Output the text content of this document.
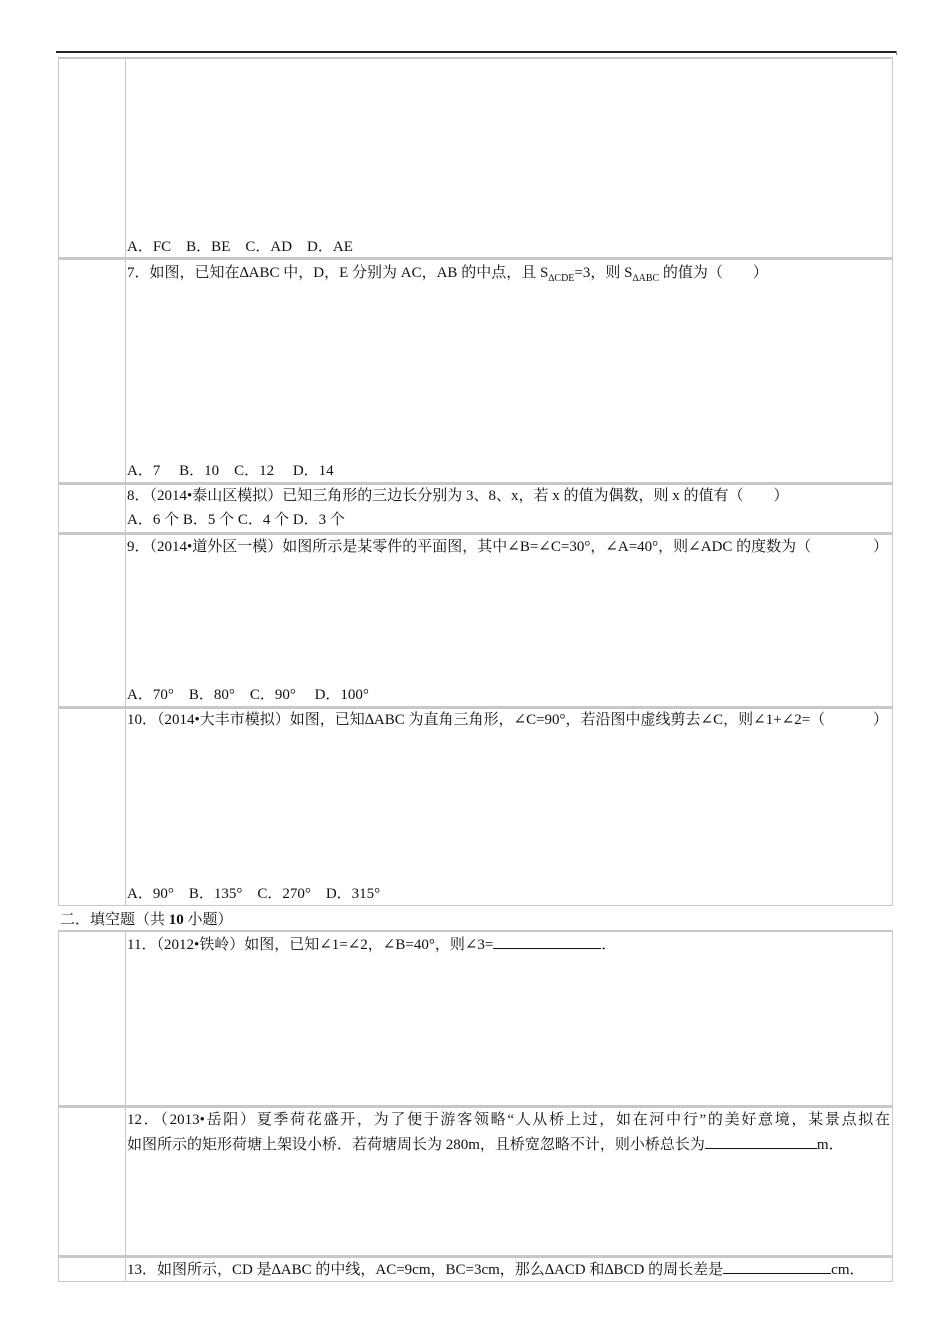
A．FC　B．BE　C．AD　D．AE
7．如图，已知在∆ABC 中，D，E 分别为 AC，AB 的中点，且 $S_{\Delta CDE}=3$，则 $S_{\Delta ABC}$ 的值为（　　）
A．7　 B．10　C．12　 D．14
8．（2014•泰山区模拟）已知三角形的三边长分别为 3、8、x，若 x 的值为偶数，则 x 的值有（　　）
A．6 个 B．5 个 C．4 个 D．3 个
9．（2014•道外区一模）如图所示是某零件的平面图，其中∠B=∠C=30°，∠A=40°，则∠ADC 的度数为（	）
A．70°　B．80°　C．90°　 D．100°
10．（2014•大丰市模拟）如图，已知∆ABC 为直角三角形，∠C=90°，若沿图中虚线剪去∠C，则∠1+∠2=（	）
A．90°　B．135°　C．270°　D．315°
二．填空题（共 10 小题）
11．（2012•铁岭）如图，已知∠1=∠2，∠B=40°，则∠3=	．
12．（2013•岳阳）夏季荷花盛开，为了便于游客领略“人从桥上过，如在河中行”的美好意境，某景点拟在
如图所示的矩形荷塘上架设小桥．若荷塘周长为 280m，且桥宽忽略不计，则小桥总长为	m．
13．如图所示，CD 是∆ABC 的中线，AC=9cm，BC=3cm，那么∆ACD 和∆BCD 的周长差是	cm．
